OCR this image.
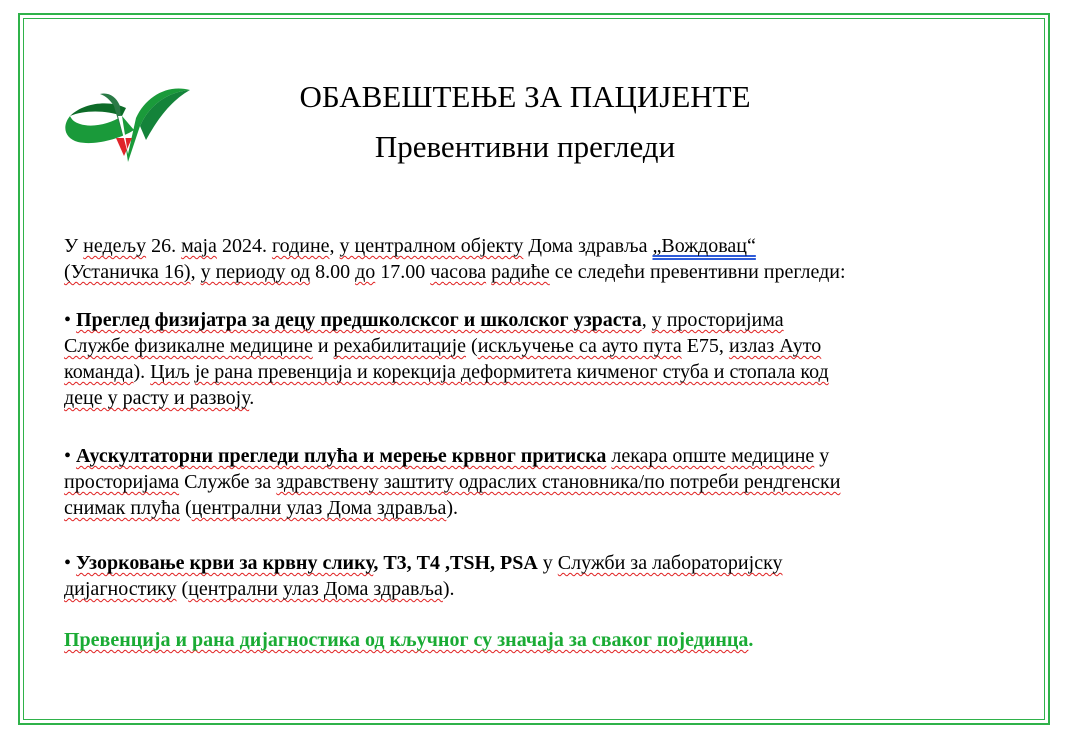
ОБАВЕШТЕЊЕ ЗА ПАЦИЈЕНТЕ
Превентивни прегледи
У недељу 26. маја 2024. године, у централном објекту Дома здравља „Вождовац“
(Устаничка 16), у периоду од 8.00 до 17.00 часова радиће се следећи превентивни прегледи:
• Преглед физијатра за децу предшколсксог и школског узраста, у просторијима
Службе физикалне медицине и рехабилитације (искључење са ауто пута Е75, излаз Ауто
команда). Циљ је рана превенција и корекција деформитета кичменог стуба и стопала код
деце у расту и развоју.
• Аускултаторни прегледи плућа и мерење крвног притиска лекара опште медицине у
просторијама Службе за здравствену заштиту одраслих становника/по потреби рендгенски
снимак плућа (централни улаз Дома здравља).
• Узорковање крви за крвну слику, Т3, Т4 ,TSH, PSA у Служби за лабораторијску
дијагностику (централни улаз Дома здравља).
Превенција и рана дијагностика од кључног су значаја за сваког појединца.
